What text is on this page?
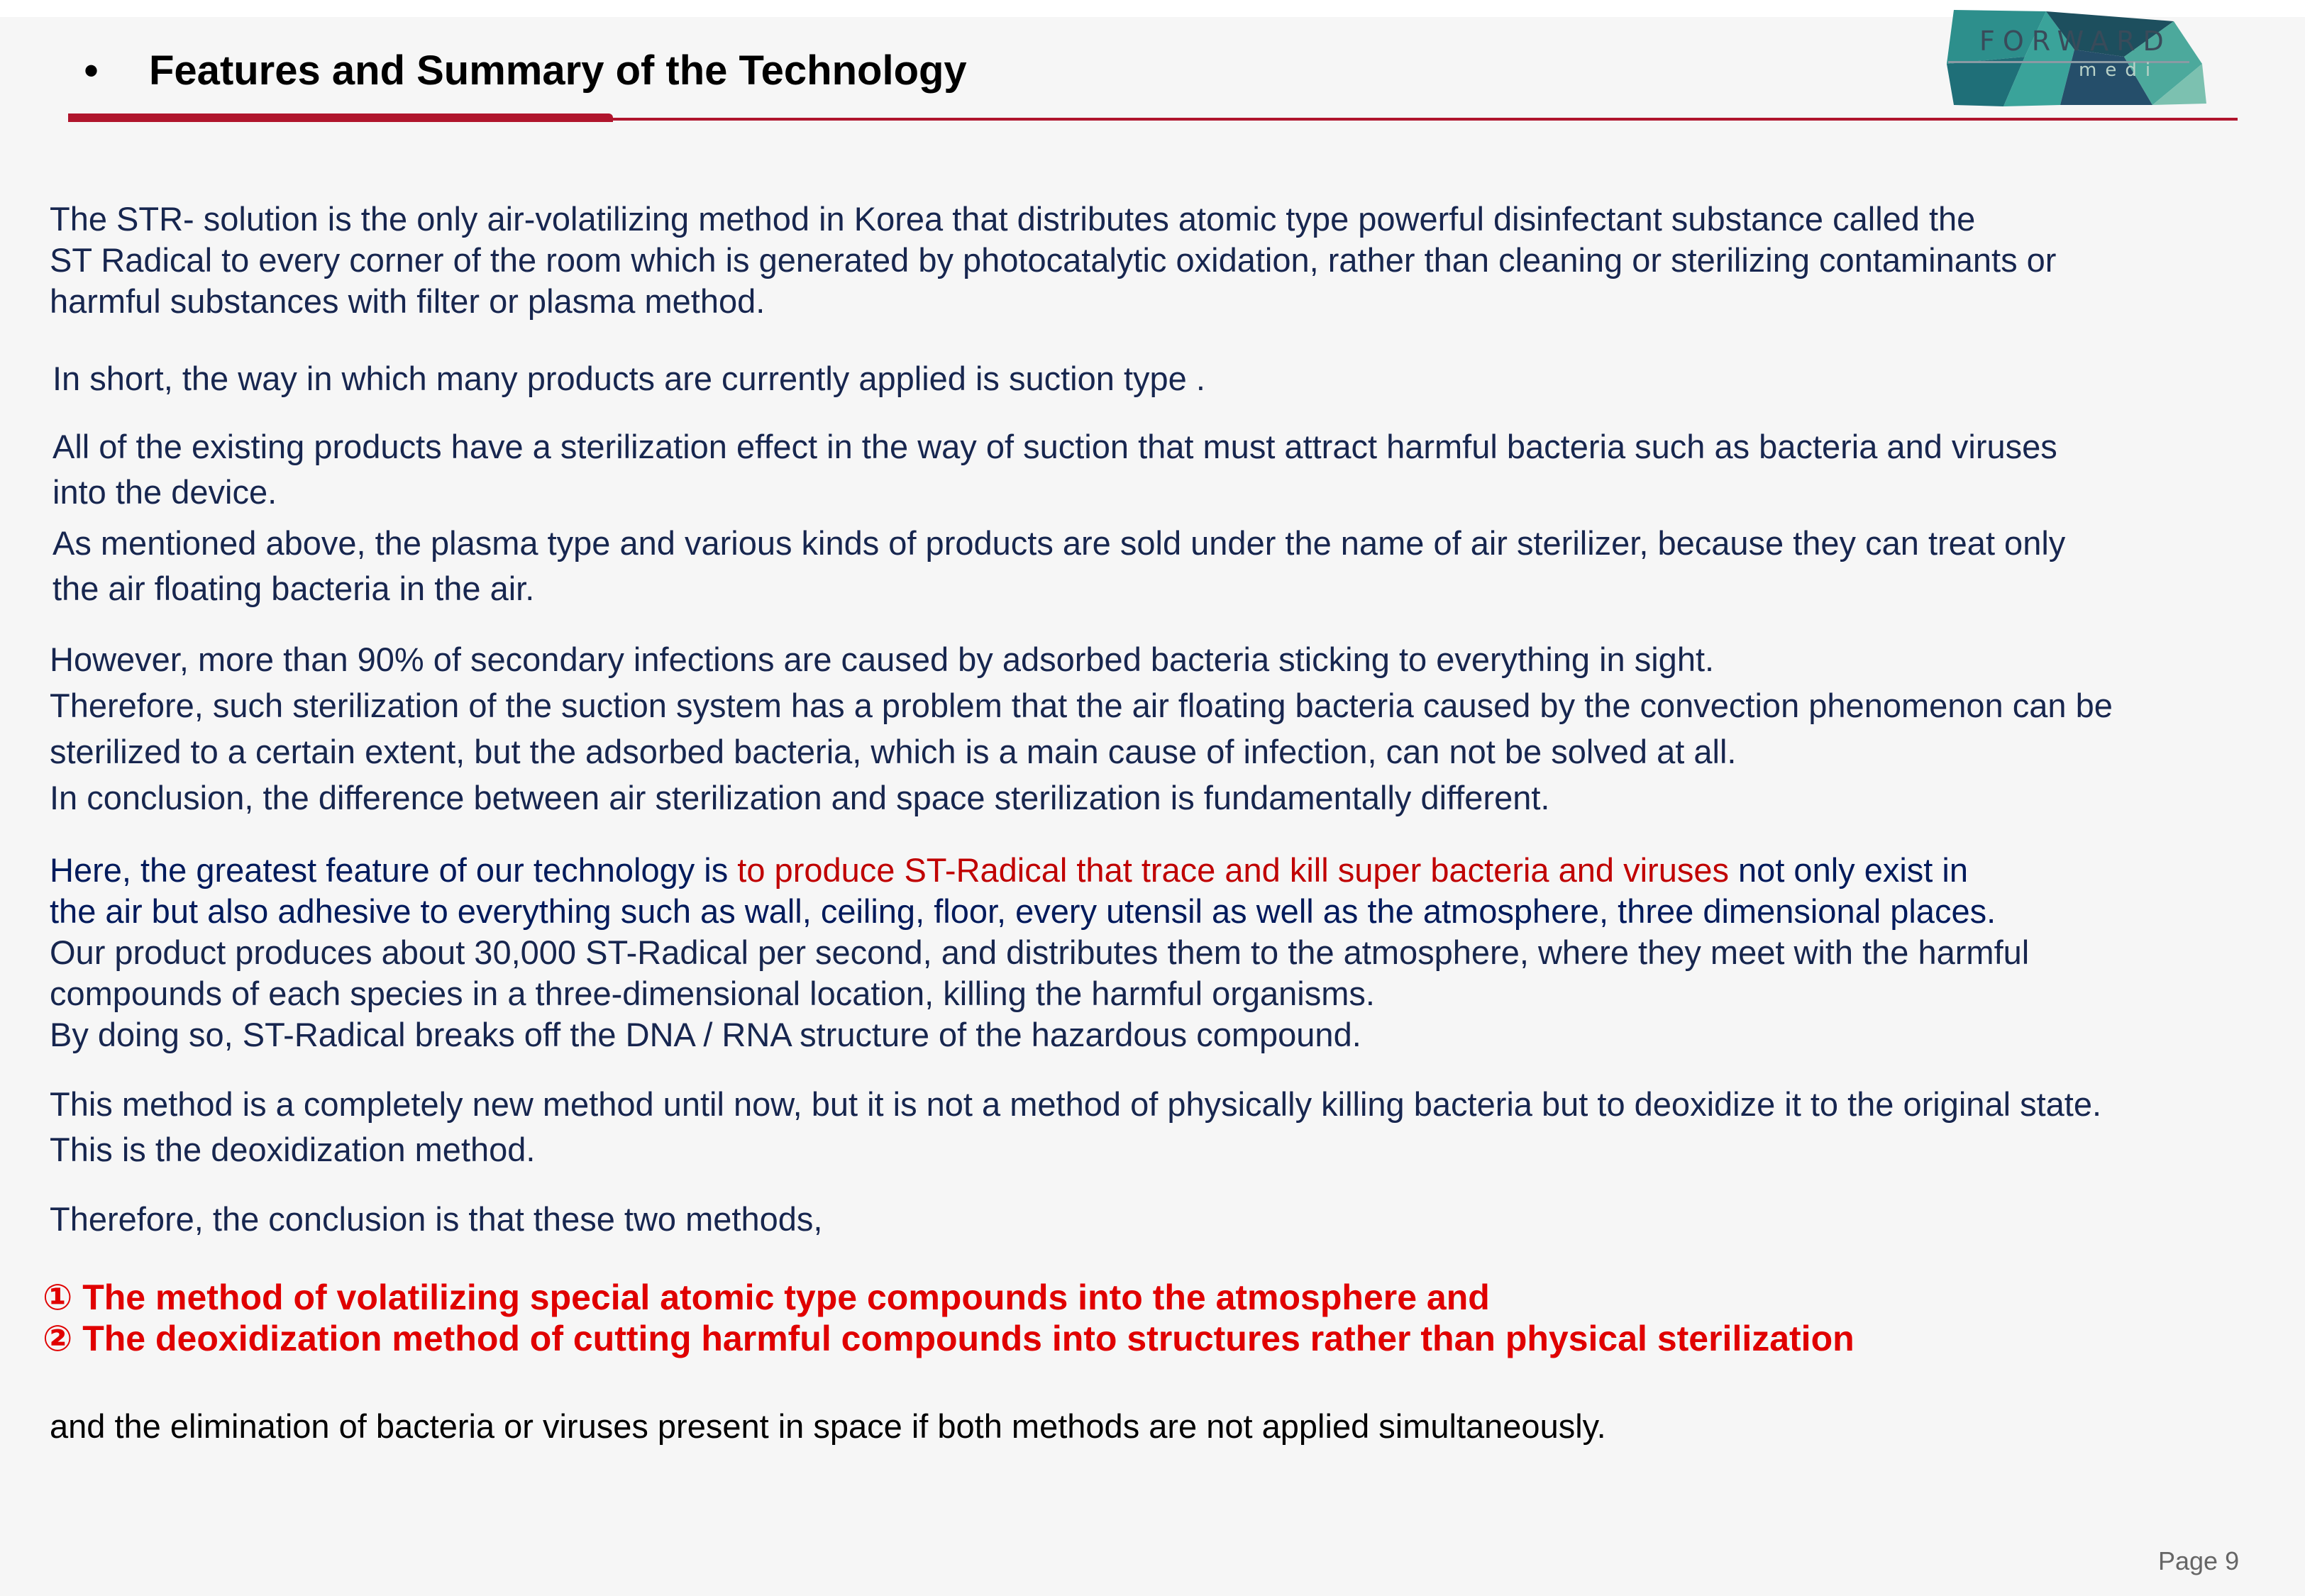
•	Features and Summary of the Technology
FORWARD
medi
The STR- solution is the only air-volatilizing method in Korea that distributes atomic type powerful disinfectant substance called the
ST Radical to every corner of the room which is generated by photocatalytic oxidation, rather than cleaning or sterilizing contaminants or
harmful substances with filter or plasma method.
In short, the way in which many products are currently applied is suction type .
All of the existing products have a sterilization effect in the way of suction that must attract harmful bacteria such as bacteria and viruses
into the device.
As mentioned above, the plasma type and various kinds of products are sold under the name of air sterilizer, because they can treat only
the air floating bacteria in the air.
However, more than 90% of secondary infections are caused by adsorbed bacteria sticking to everything in sight.
Therefore, such sterilization of the suction system has a problem that the air floating bacteria caused by the convection phenomenon can be
sterilized to a certain extent, but the adsorbed bacteria, which is a main cause of infection, can not be solved at all.
In conclusion, the difference between air sterilization and space sterilization is fundamentally different.
Here, the greatest feature of our technology is to produce ST-Radical that trace and kill super bacteria and viruses not only exist in
the air but also adhesive to everything such as wall, ceiling, floor, every utensil as well as the atmosphere, three dimensional places.
Our product produces about 30,000 ST-Radical per second, and distributes them to the atmosphere, where they meet with the harmful
compounds of each species in a three-dimensional location, killing the harmful organisms.
By doing so, ST-Radical breaks off the DNA / RNA structure of the hazardous compound.
This method is a completely new method until now, but it is not a method of physically killing bacteria but to deoxidize it to the original state.
This is the deoxidization method.
Therefore, the conclusion is that these two methods,
① The method of volatilizing special atomic type compounds into the atmosphere and
② The deoxidization method of cutting harmful compounds into structures rather than physical sterilization
and the elimination of bacteria or viruses present in space if both methods are not applied simultaneously.
Page 9
